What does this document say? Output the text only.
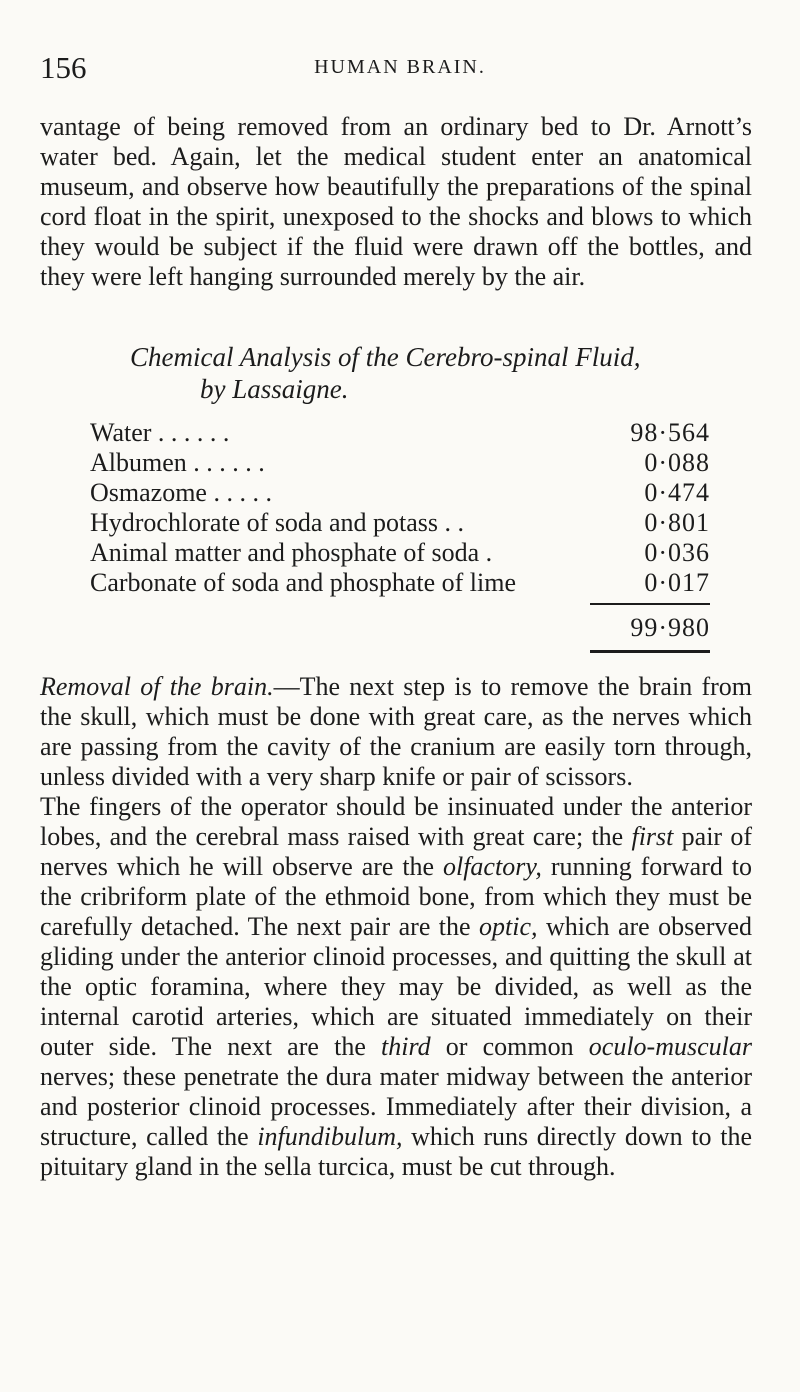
156	HUMAN BRAIN.

vantage of being removed from an ordinary bed to Dr. Arnott’s water bed. Again, let the medical student enter an anatomical museum, and observe how beautifully the preparations of the spinal cord float in the spirit, unexposed to the shocks and blows to which they would be subject if the fluid were drawn off the bottles, and they were left hanging surrounded merely by the air.

Chemical Analysis of the Cerebro-spinal Fluid,

by Lassaigne.

Water . . . . . .	98·564
Albumen . . . . . .	0·088
Osmazome . . . . .	0·474
Hydrochlorate of soda and potass . .	0·801
Animal matter and phosphate of soda .	0·036
Carbonate of soda and phosphate of lime	0·017
99·980

Removal of the brain.—The next step is to remove the brain from the skull, which must be done with great care, as the nerves which are passing from the cavity of the cranium are easily torn through, unless divided with a very sharp knife or pair of scissors.

The fingers of the operator should be insinuated under the anterior lobes, and the cerebral mass raised with great care; the first pair of nerves which he will observe are the olfactory, running forward to the cribriform plate of the ethmoid bone, from which they must be carefully detached. The next pair are the optic, which are observed gliding under the anterior clinoid processes, and quitting the skull at the optic foramina, where they may be divided, as well as the internal carotid arteries, which are situated immediately on their outer side. The next are the third or common oculo-muscular nerves; these penetrate the dura mater midway between the anterior and posterior clinoid processes. Immediately after their division, a structure, called the infundibulum, which runs directly down to the pituitary gland in the sella turcica, must be cut through.
